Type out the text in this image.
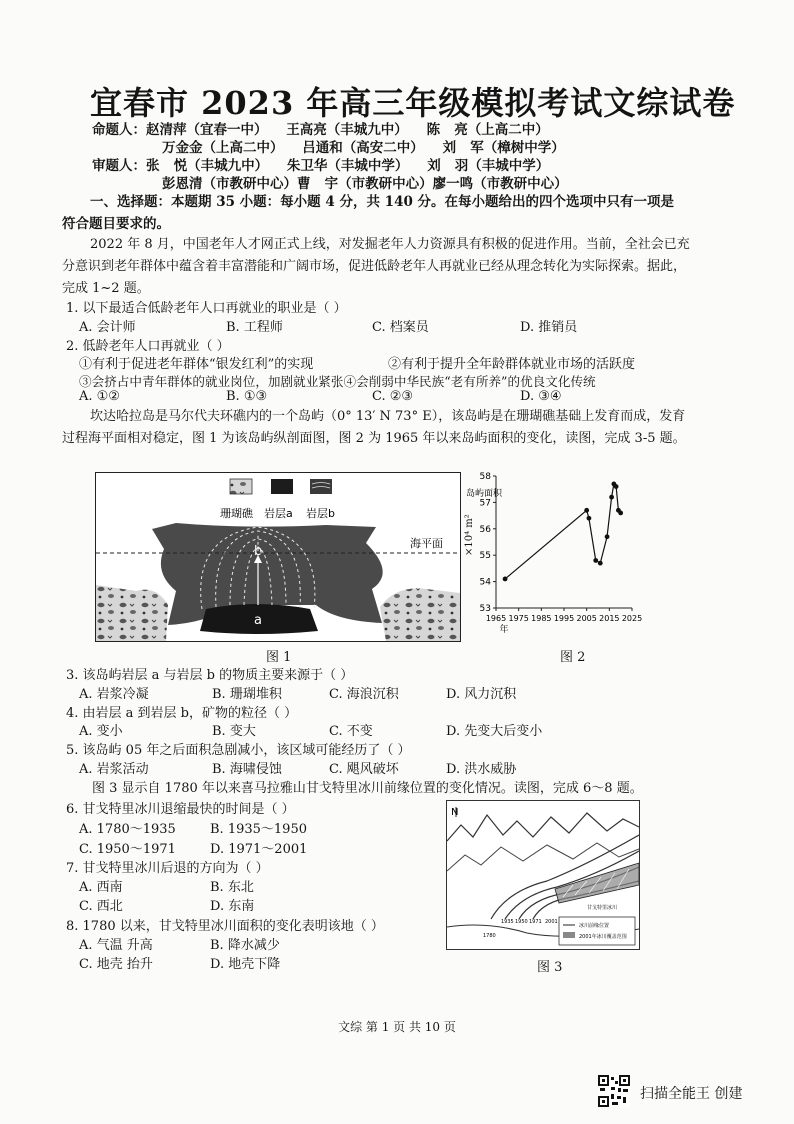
宜春市 2023 年高三年级模拟考试文综试卷
命题人：赵清萍（宜春一中）    王高亮（丰城九中）    陈   亮（上高二中）
万金金（上高二中）    吕通和（高安二中）    刘   军（樟树中学）
审题人：张   悦（丰城九中）    朱卫华（丰城中学）    刘   羽（丰城中学）
彭恩清（市教研中心）曹   宇（市教研中心）廖一鸣（市教研中心）
一、选择题：本题期 35 小题：每小题 4 分，共 140 分。在每小题给出的四个选项中只有一项是 符合题目要求的。
2022 年 8 月，中国老年人才网正式上线，对发掘老年人力资源具有积极的促进作用。当前，全社会已充分意识到老年群体中蕴含着丰富潜能和广阔市场，促进低龄老年人再就业已经从理念转化为实际探索。据此，完成 1~2 题。
1. 以下最适合低龄老年人口再就业的职业是（ ）
A. 会计师	B. 工程师	C. 档案员	D. 推销员
2. 低龄老年人口再就业（ ）
①有利于促进老年群体“银发红利”的实现	②有利于提升全年龄群体就业市场的活跃度
③会挤占中青年群体的就业岗位，加剧就业紧张④会削弱中华民族“老有所养”的优良文化传统
A. ①②	B. ①③	C. ②③	D. ③④
坎达哈拉岛是马尔代夫环礁内的一个岛屿（0° 13′ N 73° E），该岛屿是在珊瑚礁基础上发育而成，发育过程海平面相对稳定，图 1 为该岛屿纵剖面图，图 2 为 1965 年以来岛屿面积的变化，读图，完成 3-5 题。
珊瑚礁 岩层a 岩层b
b
a
海平面
图 1
58
57
56
55
54
53
1965 1975 1985 1995 2005 2015 2025
年
岛屿面积
×10⁴ m²
图 2
3. 该岛屿岩层 a 与岩层 b 的物质主要来源于（ ）
A. 岩浆冷凝	B. 珊瑚堆积	C. 海浪沉积	D. 风力沉积
4. 由岩层 a 到岩层 b，矿物的粒径（ ）
A. 变小	B. 变大	C. 不变	D. 先变大后变小
5. 该岛屿 05 年之后面积急剧减小，该区域可能经历了（ ）
A. 岩浆活动	B. 海啸侵蚀	C. 飓风破坏	D. 洪水威胁
图 3 显示自 1780 年以来喜马拉雅山甘戈特里冰川前缘位置的变化情况。读图，完成 6～8 题。
6. 甘戈特里冰川退缩最快的时间是（ ）
A. 1780～1935	B. 1935～1950
C. 1950～1971	D. 1971～2001
7. 甘戈特里冰川后退的方向为（ ）
A. 西南	B. 东北
C. 西北	D. 东南
8. 1780 以来，甘戈特里冰川面积的变化表明该地（ ）
A. 气温 升高	B. 降水减少
C. 地壳 抬升	D. 地壳下降
N
1780
1935 1950 1971 2001
甘戈特里冰川
冰川前缘位置
2001年冰川覆盖范围
图 3
文综 第 1 页 共 10 页
扫描全能王 创建
